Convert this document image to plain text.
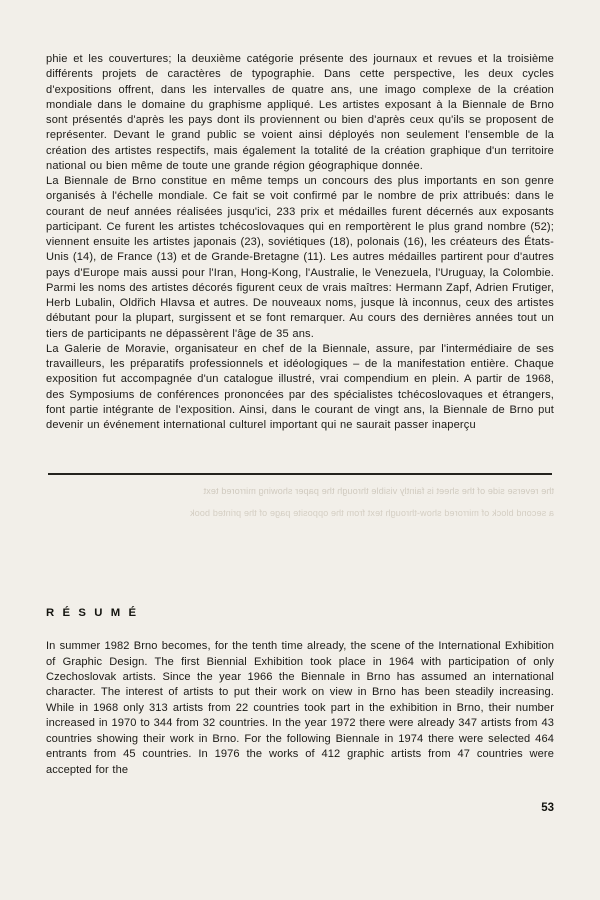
phie et les couvertures; la deuxième catégorie présente des journaux et revues et la troisième différents projets de caractères de typographie. Dans cette perspective, les deux cycles d'expositions offrent, dans les intervalles de quatre ans, une imago complexe de la création mondiale dans le domaine du graphisme appliqué. Les artistes exposant à la Biennale de Brno sont présentés d'après les pays dont ils proviennent ou bien d'après ceux qu'ils se proposent de représenter. Devant le grand public se voient ainsi déployés non seulement l'ensemble de la création des artistes respectifs, mais également la totalité de la création graphique d'un territoire national ou bien même de toute une grande région géographique donnée.

La Biennale de Brno constitue en même temps un concours des plus importants en son genre organisés à l'échelle mondiale. Ce fait se voit confirmé par le nombre de prix attribués: dans le courant de neuf années réalisées jusqu'ici, 233 prix et médailles furent décernés aux exposants participant. Ce furent les artistes tchécoslovaques qui en remportèrent le plus grand nombre (52); viennent ensuite les artistes japonais (23), soviétiques (18), polonais (16), les créateurs des États-Unis (14), de France (13) et de Grande-Bretagne (11). Les autres médailles partirent pour d'autres pays d'Europe mais aussi pour l'Iran, Hong-Kong, l'Australie, le Venezuela, l'Uruguay, la Colombie. Parmi les noms des artistes décorés figurent ceux de vrais maîtres: Hermann Zapf, Adrien Frutiger, Herb Lubalin, Oldřich Hlavsa et autres. De nouveaux noms, jusque là inconnus, ceux des artistes débutant pour la plupart, surgissent et se font remarquer. Au cours des dernières années tout un tiers de participants ne dépassèrent l'âge de 35 ans.

La Galerie de Moravie, organisateur en chef de la Biennale, assure, par l'intermédiaire de ses travailleurs, les préparatifs professionnels et idéologiques – de la manifestation entière. Chaque exposition fut accompagnée d'un catalogue illustré, vrai compendium en plein. A partir de 1968, des Symposiums de conférences prononcées par des spécialistes tchécoslovaques et étrangers, font partie intégrante de l'exposition. Ainsi, dans le courant de vingt ans, la Biennale de Brno put devenir un événement international culturel important qui ne saurait passer inaperçu

the reverse side of the sheet is faintly visible through the paper showing mirrored text
a second block of mirrored show-through text from the opposite page of the printed book
R É S U M É

In summer 1982 Brno becomes, for the tenth time already, the scene of the International Exhibition of Graphic Design. The first Biennial Exhibition took place in 1964 with participation of only Czechoslovak artists. Since the year 1966 the Biennale in Brno has assumed an international character. The interest of artists to put their work on view in Brno has been steadily increasing. While in 1968 only 313 artists from 22 countries took part in the exhibition in Brno, their number increased in 1970 to 344 from 32 countries. In the year 1972 there were already 347 artists from 43 countries showing their work in Brno. For the following Biennale in 1974 there were selected 464 entrants from 45 countries. In 1976 the works of 412 graphic artists from 47 countries were accepted for the

53
